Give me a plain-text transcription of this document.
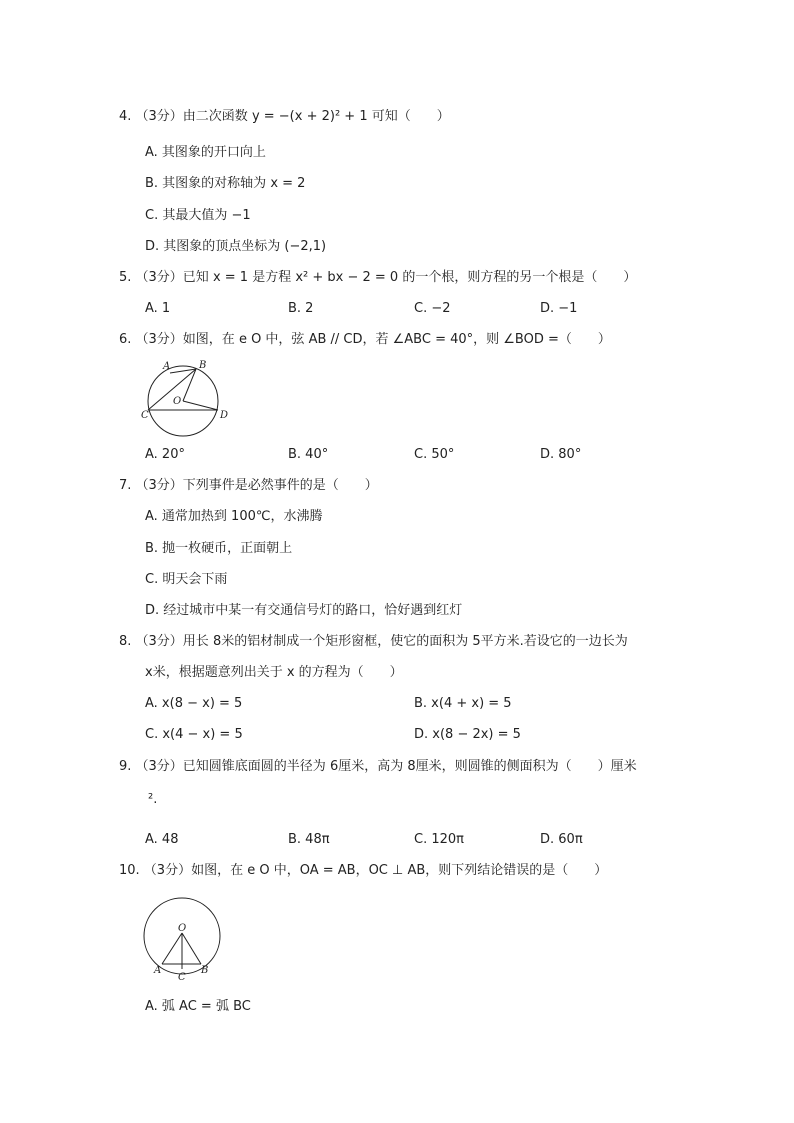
4. （3分）由二次函数 y = −(x + 2)² + 1 可知（　　）
A. 其图象的开口向上
B. 其图象的对称轴为 x = 2
C. 其最大值为 −1
D. 其图象的顶点坐标为 (−2,1)
5. （3分）已知 x = 1 是方程 x² + bx − 2 = 0 的一个根，则方程的另一个根是（　　）
A. 1	B. 2	C. −2	D. −1
6. （3分）如图，在 e O 中，弦 AB // CD，若 ∠ABC = 40°，则 ∠BOD =（　　）
A	B
C	D
O
A. 20°	B. 40°	C. 50°	D. 80°
7. （3分）下列事件是必然事件的是（　　）
A. 通常加热到 100℃，水沸腾
B. 抛一枚硬币，正面朝上
C. 明天会下雨
D. 经过城市中某一有交通信号灯的路口，恰好遇到红灯
8. （3分）用长 8米的铝材制成一个矩形窗框，使它的面积为 5平方米.若设它的一边长为
x米，根据题意列出关于 x 的方程为（　　）
A. x(8 − x) = 5	B. x(4 + x) = 5
C. x(4 − x) = 5	D. x(8 − 2x) = 5
9. （3分）已知圆锥底面圆的半径为 6厘米，高为 8厘米，则圆锥的侧面积为（　　）厘米
².
A. 48	B. 48π	C. 120π	D. 60π
10. （3分）如图，在 e O 中，OA = AB，OC ⊥ AB，则下列结论错误的是（　　）
O
A
C
B
A. 弧 AC = 弧 BC
